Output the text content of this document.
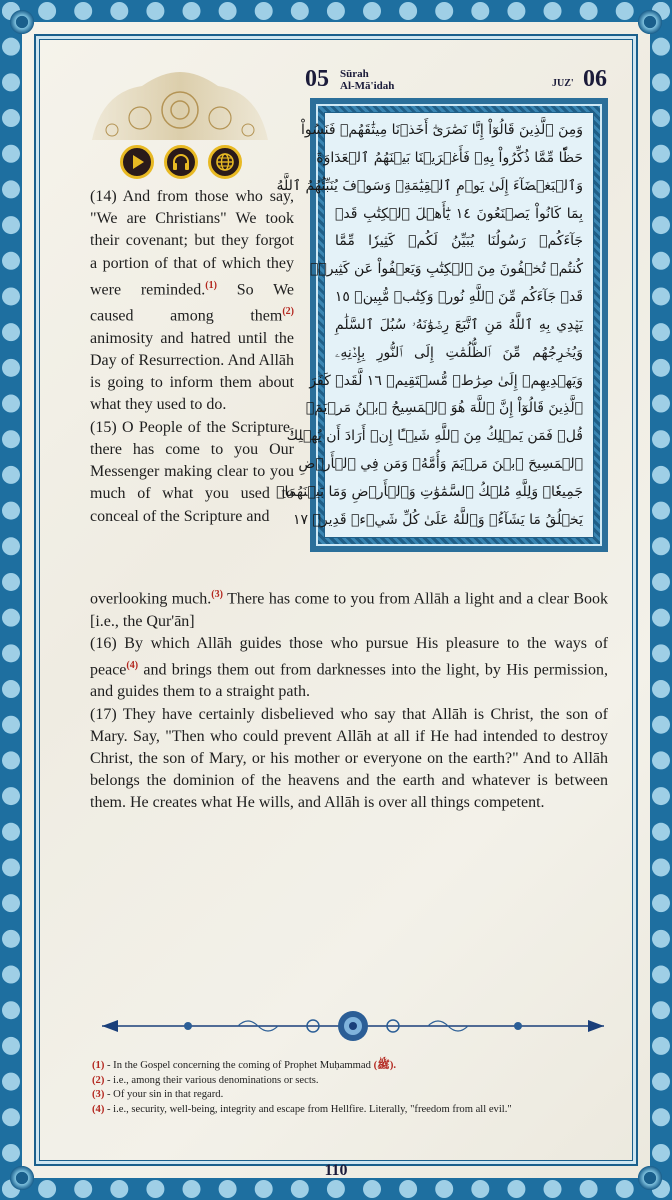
05 Sūrah
Al-Mā'idah	JUZ' 06
وَمِنَ ٱلَّذِينَ قَالُوٓاْ إِنَّا نَصَٰرَىٰٓ أَخَذۡنَا مِيثَٰقَهُمۡ فَنَسُواْ
حَظّٗا مِّمَّا ذُكِّرُواْ بِهِۦ فَأَغۡرَيۡنَا بَيۡنَهُمُ ٱلۡعَدَاوَةَ
وَٱلۡبَغۡضَآءَ إِلَىٰ يَوۡمِ ٱلۡقِيَٰمَةِۚ وَسَوۡفَ يُنَبِّئُهُمُ ٱللَّهُ
بِمَا كَانُواْ يَصۡنَعُونَ ١٤ يَٰٓأَهۡلَ ٱلۡكِتَٰبِ قَدۡ
جَآءَكُمۡ رَسُولُنَا يُبَيِّنُ لَكُمۡ كَثِيرٗا مِّمَّا
كُنتُمۡ تُخۡفُونَ مِنَ ٱلۡكِتَٰبِ وَيَعۡفُواْ عَن كَثِيرٖۚ
قَدۡ جَآءَكُم مِّنَ ٱللَّهِ نُورٞ وَكِتَٰبٞ مُّبِينٞ ١٥
يَهۡدِي بِهِ ٱللَّهُ مَنِ ٱتَّبَعَ رِضۡوَٰنَهُۥ سُبُلَ ٱلسَّلَٰمِ
وَيُخۡرِجُهُم مِّنَ ٱلظُّلُمَٰتِ إِلَى ٱلنُّورِ بِإِذۡنِهِۦ
وَيَهۡدِيهِمۡ إِلَىٰ صِرَٰطٖ مُّسۡتَقِيمٖ ١٦ لَّقَدۡ كَفَرَ
ٱلَّذِينَ قَالُوٓاْ إِنَّ ٱللَّهَ هُوَ ٱلۡمَسِيحُ ٱبۡنُ مَرۡيَمَۚ
قُلۡ فَمَن يَمۡلِكُ مِنَ ٱللَّهِ شَيۡـًٔا إِنۡ أَرَادَ أَن يُهۡلِكَ
ٱلۡمَسِيحَ ٱبۡنَ مَرۡيَمَ وَأُمَّهُۥ وَمَن فِي ٱلۡأَرۡضِ
جَمِيعٗاۗ وَلِلَّهِ مُلۡكُ ٱلسَّمَٰوَٰتِ وَٱلۡأَرۡضِ وَمَا بَيۡنَهُمَاۚ
يَخۡلُقُ مَا يَشَآءُۚ وَٱللَّهُ عَلَىٰ كُلِّ شَيۡءٖ قَدِيرٞ ١٧

(14) And from those who say, "We are Christians" We took their covenant; but they forgot a portion of that of which they were reminded.$^{(1)}$ So We caused among them$^{(2)}$ animosity and hatred until the Day of Resurrection. And Allāh is going to inform them about what they used to do.

(15) O People of the Scripture, there has come to you Our Messenger making clear to you much of what you used to conceal of the Scripture and

overlooking much.$^{(3)}$ There has come to you from Allāh a light and a clear Book [i.e., the Qur'ān]

(16) By which Allāh guides those who pursue His pleasure to the ways of peace$^{(4)}$ and brings them out from darknesses into the light, by His permission, and guides them to a straight path.

(17) They have certainly disbelieved who say that Allāh is Christ, the son of Mary. Say, "Then who could prevent Allāh at all if He had intended to destroy Christ, the son of Mary, or his mother or everyone on the earth?" And to Allāh belongs the dominion of the heavens and the earth and whatever is between them. He creates what He wills, and Allāh is over all things competent.

(1) - In the Gospel concerning the coming of Prophet Muḥammad (ﷺ).
(2) - i.e., among their various denominations or sects.
(3) - Of your sin in that regard.
(4) - i.e., security, well-being, integrity and escape from Hellfire. Literally, "freedom from all evil."
110
